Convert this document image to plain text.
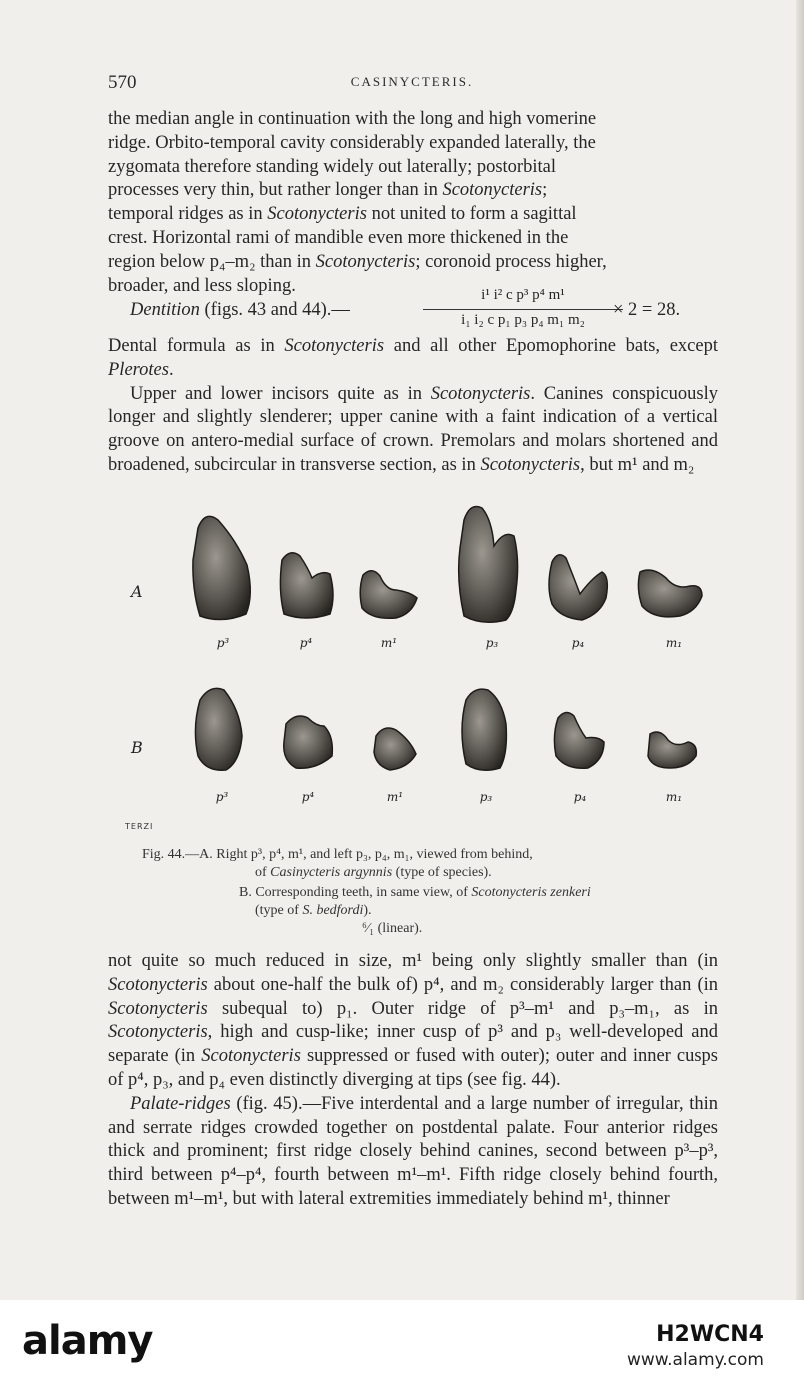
570	CASINYCTERIS.
the median angle in continuation with the long and high vomerine
ridge. Orbito-temporal cavity considerably expanded laterally, the
zygomata therefore standing widely out laterally; postorbital
processes very thin, but rather longer than in Scotonycteris;
temporal ridges as in Scotonycteris not united to form a sagittal
crest. Horizontal rami of mandible even more thickened in the
region below p₄–m₂ than in Scotonycteris; coronoid process higher,
broader, and less sloping.
Dentition (figs. 43 and 44).—
i¹ i² c p³ p⁴ m¹
i₁ i₂ c p₁ p₃ p₄ m₁ m₂	× 2 = 28.

Dental formula as in Scotonycteris and all other Epomophorine bats, except Plerotes.

Upper and lower incisors quite as in Scotonycteris. Canines conspicuously longer and slightly slenderer; upper canine with a faint indication of a vertical groove on antero-medial surface of crown. Premolars and molars shortened and broadened, subcircular in transverse section, as in Scotonycteris, but m¹ and m₂

A
B
p³	p⁴	m¹	p₃	p₄	m₁
p³	p⁴	m¹	p₃	p₄	m₁
TERZI
Fig. 44.—A. Right p³, p⁴, m¹, and left p₃, p₄, m₁, viewed from behind,
of Casinycteris argynnis (type of species).
B. Corresponding teeth, in same view, of Scotonycteris zenkeri
(type of S. bedfordi).
⁶⁄₁ (linear).

not quite so much reduced in size, m¹ being only slightly smaller than (in Scotonycteris about one-half the bulk of) p⁴, and m₂ considerably larger than (in Scotonycteris subequal to) p₁. Outer ridge of p³–m¹ and p₃–m₁, as in Scotonycteris, high and cusp-like; inner cusp of p³ and p₃ well-developed and separate (in Scotonycteris suppressed or fused with outer); outer and inner cusps of p⁴, p₃, and p₄ even distinctly diverging at tips (see fig. 44).

Palate-ridges (fig. 45).—Five interdental and a large number of irregular, thin and serrate ridges crowded together on postdental palate. Four anterior ridges thick and prominent; first ridge closely behind canines, second between p³–p³, third between p⁴–p⁴, fourth between m¹–m¹. Fifth ridge closely behind fourth, between m¹–m¹, but with lateral extremities immediately behind m¹, thinner

alamy	H2WCN4
www.alamy.com
